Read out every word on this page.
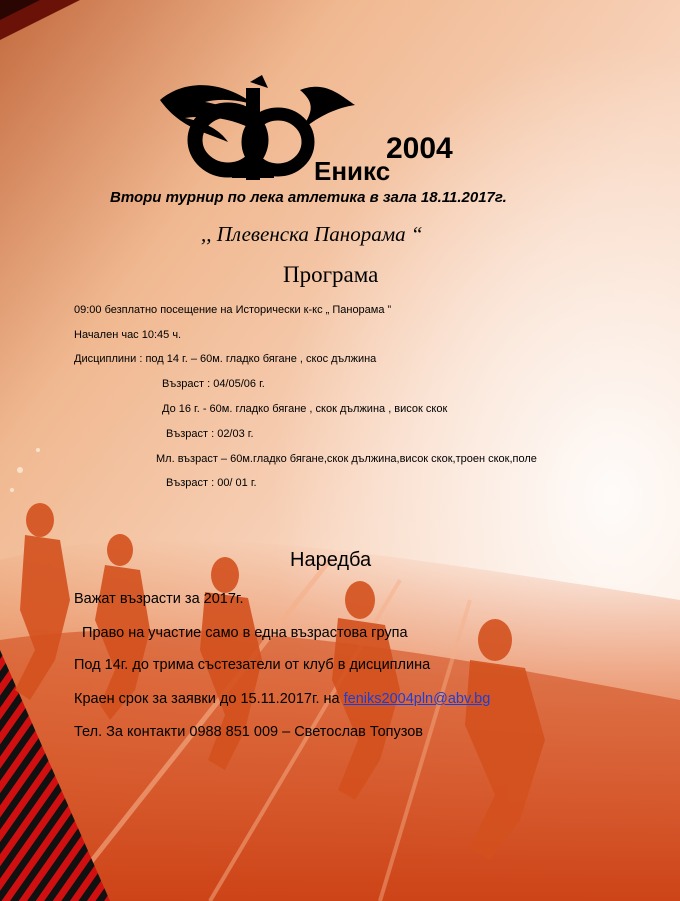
2004
Еникс
Втори турнир по лека атлетика в зала 18.11.2017г.
,, Плевенска Панорама “
Програма
09:00 безплатно посещение на Исторически к-кс „ Панорама ”
Начален час 10:45 ч.
Дисциплини : под 14 г. – 60м. гладко бягане , скос дължина
Възраст : 04/05/06 г.
До 16 г. - 60м. гладко бягане , скок дължина , висок скок
Възраст : 02/03 г.
Мл. възраст – 60м.гладко бягане,скок дължина,висок скок,троен скок,поле
Възраст : 00/ 01 г.
Наредба
Важат възрасти за 2017г.
Право на участие само в една възрастова група
Под 14г. до трима състезатели от клуб в дисциплина
Краен срок за заявки до 15.11.2017г. на feniks2004pln@abv.bg
Тел. За контакти 0988 851 009 – Светослав Топузов
